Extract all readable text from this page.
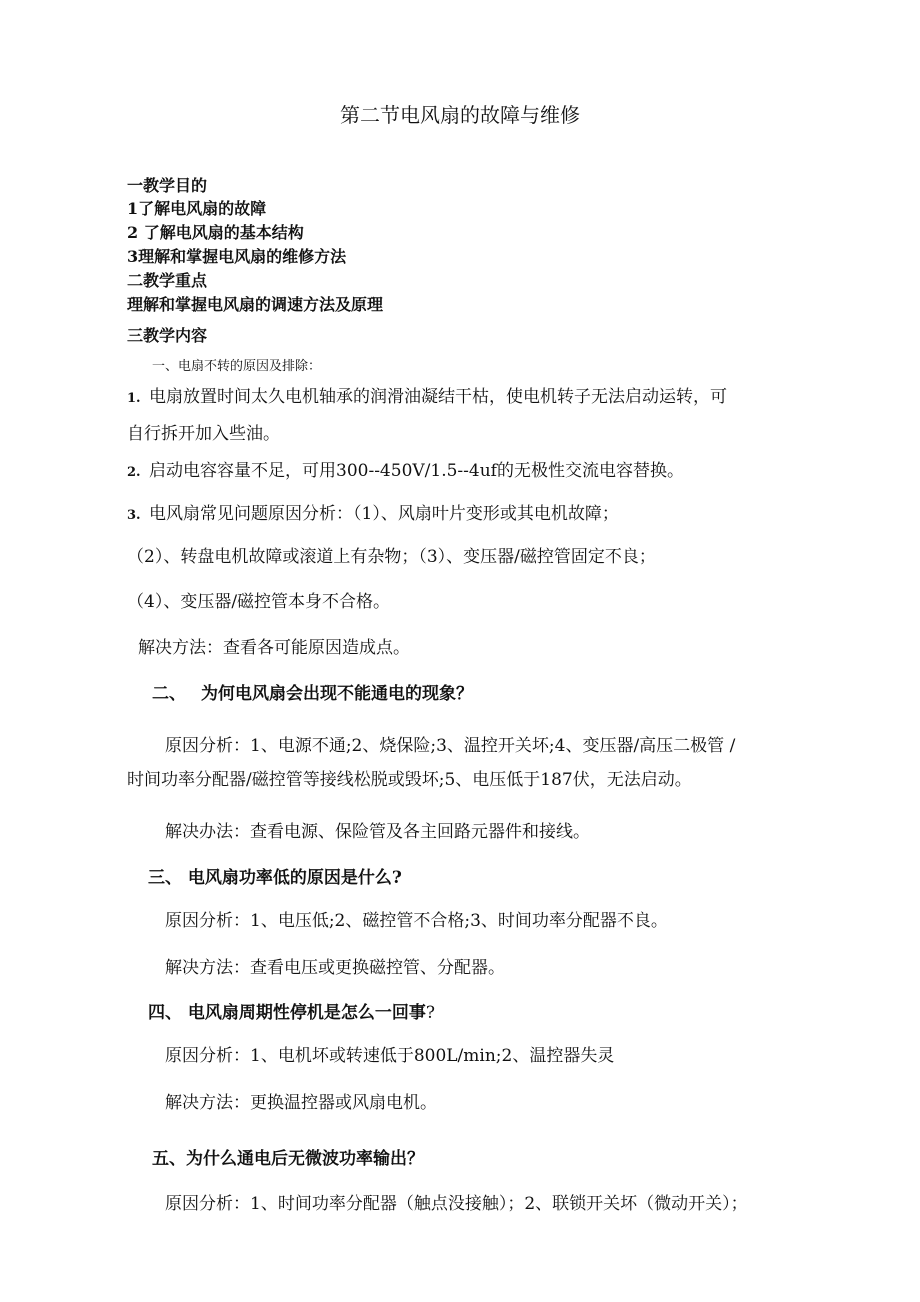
第二节电风扇的故障与维修
一教学目的
1了解电风扇的故障
2 了解电风扇的基本结构
3理解和掌握电风扇的维修方法
二教学重点
理解和掌握电风扇的调速方法及原理
三教学内容
一、电扇不转的原因及排除：
1. 电扇放置时间太久电机轴承的润滑油凝结干枯，使电机转子无法启动运转，可
自行拆开加入些油。
2. 启动电容容量不足，可用300--450V/1.5--4uf的无极性交流电容替换。
3. 电风扇常见问题原因分析：（1）、风扇叶片变形或其电机故障；
（2）、转盘电机故障或滚道上有杂物；（3）、变压器/磁控管固定不良；
（4）、变压器/磁控管本身不合格。
解决方法：查看各可能原因造成点。
二、 为何电风扇会出现不能通电的现象？
原因分析：1、电源不通;2、烧保险;3、温控开关坏;4、变压器/高压二极管 /
时间功率分配器/磁控管等接线松脱或毁坏;5、电压低于187伏，无法启动。
解决办法：查看电源、保险管及各主回路元器件和接线。
三、 电风扇功率低的原因是什么?
原因分析：1、电压低;2、磁控管不合格;3、时间功率分配器不良。
解决方法：查看电压或更换磁控管、分配器。
四、 电风扇周期性停机是怎么一回事?
原因分析：1、电机坏或转速低于800L/min;2、温控器失灵
解决方法：更换温控器或风扇电机。
五、为什么通电后无微波功率输出？
原因分析：1、时间功率分配器（触点没接触）；2、联锁开关坏（微动开关）；
